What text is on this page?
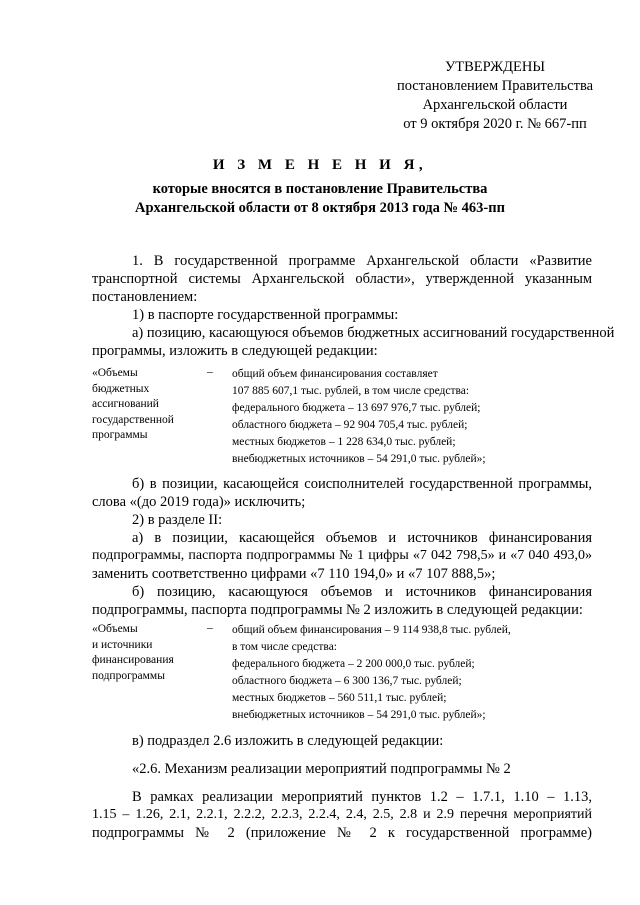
УТВЕРЖДЕНЫ
постановлением Правительства
Архангельской области
от 9 октября 2020 г. № 667-пп
И З М Е Н Е Н И Я,
которые вносятся в постановление Правительства
Архангельской области от 8 октября 2013 года № 463-пп
1. В государственной программе Архангельской области «Развитие
транспортной системы Архангельской области», утвержденной указанным
постановлением:
1) в паспорте государственной программы:
а) позицию, касающуюся объемов бюджетных ассигнований государственной
программы, изложить в следующей редакции:
«Объемы
бюджетных
ассигнований
государственной
программы
– общий объем финансирования составляет
107 885 607,1 тыс. рублей, в том числе средства:
федерального бюджета – 13 697 976,7 тыс. рублей;
областного бюджета – 92 904 705,4 тыс. рублей;
местных бюджетов – 1 228 634,0 тыс. рублей;
внебюджетных источников – 54 291,0 тыс. рублей»;
б) в позиции, касающейся соисполнителей государственной программы,
слова «(до 2019 года)» исключить;
2) в разделе II:
а) в позиции, касающейся объемов и источников финансирования
подпрограммы, паспорта подпрограммы № 1 цифры «7 042 798,5» и «7 040 493,0»
заменить соответственно цифрами «7 110 194,0» и «7 107 888,5»;
б) позицию, касающуюся объемов и источников финансирования
подпрограммы, паспорта подпрограммы № 2 изложить в следующей редакции:
«Объемы
и источники
финансирования
подпрограммы
– общий объем финансирования – 9 114 938,8 тыс. рублей,
в том числе средства:
федерального бюджета – 2 200 000,0 тыс. рублей;
областного бюджета – 6 300 136,7 тыс. рублей;
местных бюджетов – 560 511,1 тыс. рублей;
внебюджетных источников – 54 291,0 тыс. рублей»;
в) подраздел 2.6 изложить в следующей редакции:
«2.6. Механизм реализации мероприятий подпрограммы № 2
В рамках реализации мероприятий пунктов 1.2 – 1.7.1, 1.10 – 1.13,
1.15 – 1.26, 2.1, 2.2.1, 2.2.2, 2.2.3, 2.2.4, 2.4, 2.5, 2.8 и 2.9 перечня мероприятий
подпрограммы № 2 (приложение № 2 к государственной программе)
